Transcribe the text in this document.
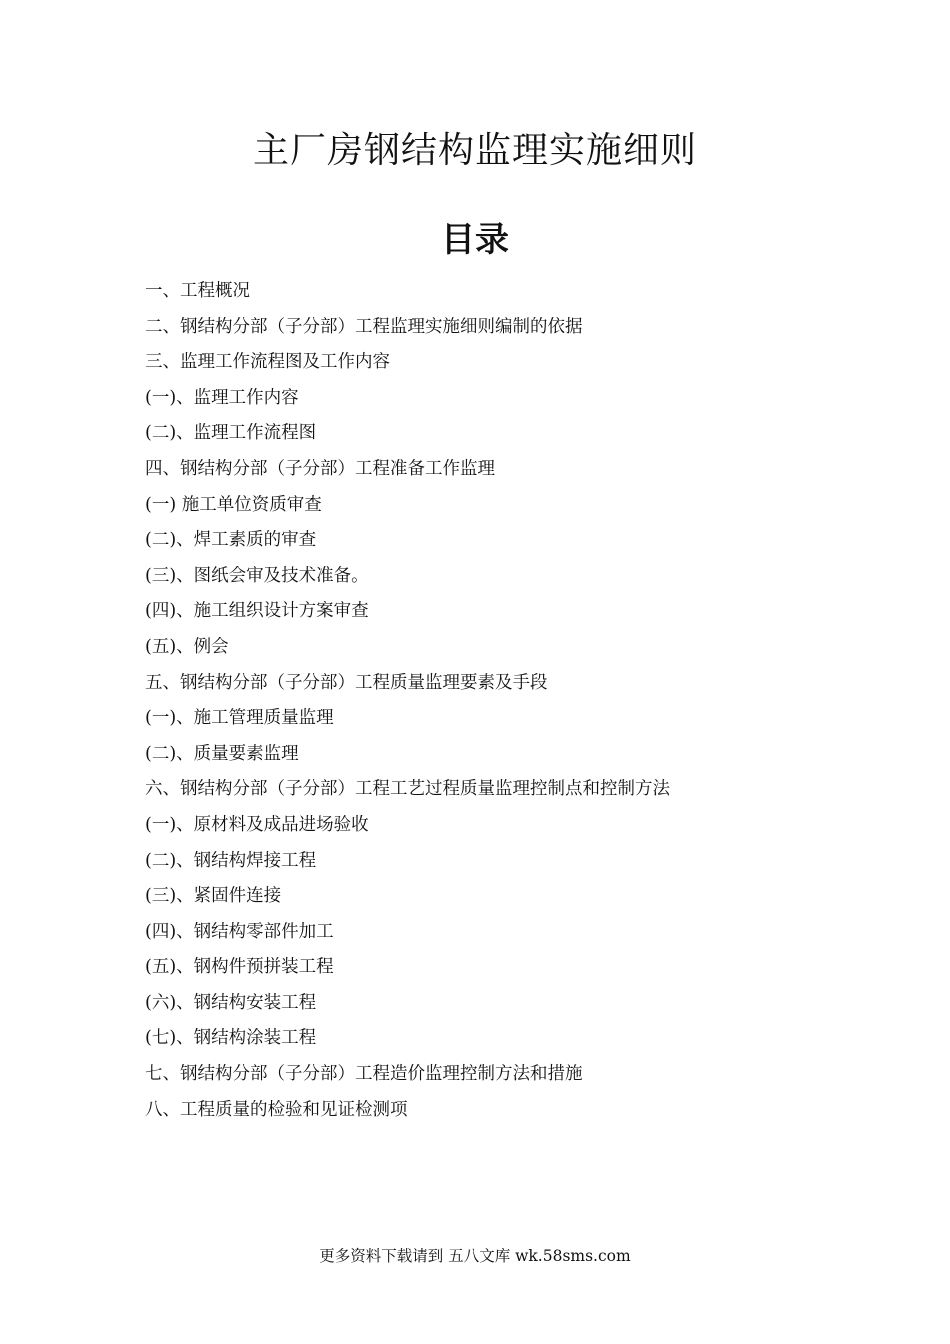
主厂房钢结构监理实施细则
目录
一、工程概况
二、钢结构分部（子分部）工程监理实施细则编制的依据
三、监理工作流程图及工作内容
(一)、监理工作内容
(二)、监理工作流程图
四、钢结构分部（子分部）工程准备工作监理
(一) 施工单位资质审查
(二)、焊工素质的审查
(三)、图纸会审及技术准备。
(四)、施工组织设计方案审查
(五)、例会
五、钢结构分部（子分部）工程质量监理要素及手段
(一)、施工管理质量监理
(二)、质量要素监理
六、钢结构分部（子分部）工程工艺过程质量监理控制点和控制方法
(一)、原材料及成品进场验收
(二)、钢结构焊接工程
(三)、紧固件连接
(四)、钢结构零部件加工
(五)、钢构件预拼装工程
(六)、钢结构安装工程
(七)、钢结构涂装工程
七、钢结构分部（子分部）工程造价监理控制方法和措施
八、工程质量的检验和见证检测项
更多资料下载请到 五八文库 wk.58sms.com
